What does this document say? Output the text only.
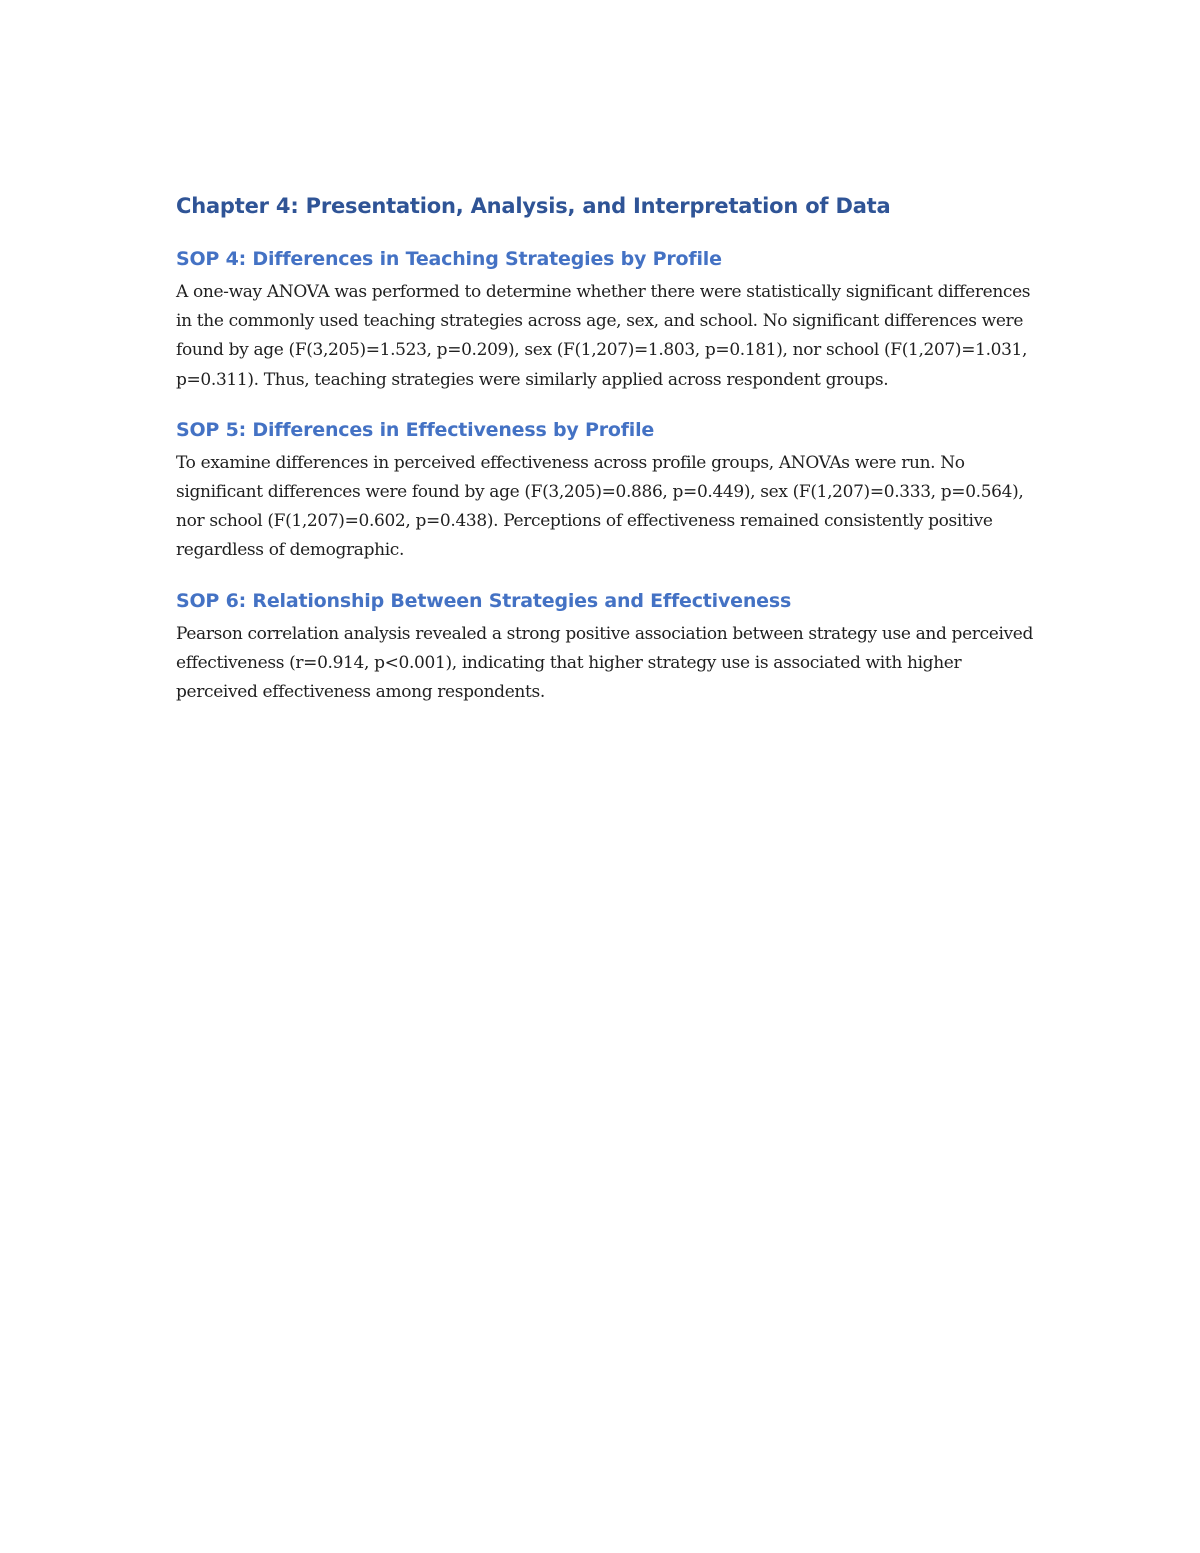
Chapter 4: Presentation, Analysis, and Interpretation of Data
SOP 4: Differences in Teaching Strategies by Profile

A one-way ANOVA was performed to determine whether there were statistically significant differences in the commonly used teaching strategies across age, sex, and school. No significant differences were found by age (F(3,205)=1.523, p=0.209), sex (F(1,207)=1.803, p=0.181), nor school (F(1,207)=1.031, p=0.311). Thus, teaching strategies were similarly applied across respondent groups.

SOP 5: Differences in Effectiveness by Profile

To examine differences in perceived effectiveness across profile groups, ANOVAs were run. No significant differences were found by age (F(3,205)=0.886, p=0.449), sex (F(1,207)=0.333, p=0.564), nor school (F(1,207)=0.602, p=0.438). Perceptions of effectiveness remained consistently positive regardless of demographic.

SOP 6: Relationship Between Strategies and Effectiveness

Pearson correlation analysis revealed a strong positive association between strategy use and perceived effectiveness (r=0.914, p<0.001), indicating that higher strategy use is associated with higher perceived effectiveness among respondents.
